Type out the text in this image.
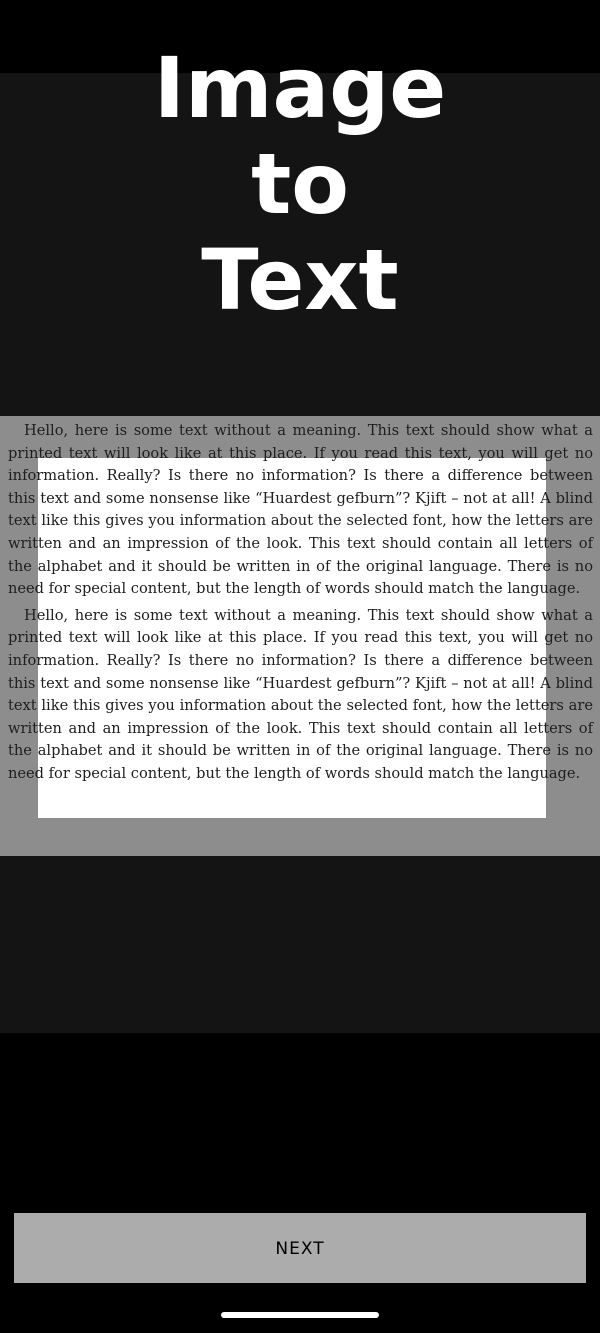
Image
to
Text

Hello, here is some text without a meaning. This text should show what a printed text will look like at this place. If you read this text, you will get no information. Really? Is there no information? Is there a difference between this text and some nonsense like “Huardest gefburn”? Kjift – not at all! A blind text like this gives you information about the selected font, how the letters are written and an impression of the look. This text should contain all letters of the alphabet and it should be written in of the original language. There is no need for special content, but the length of words should match the language.

Hello, here is some text without a meaning. This text should show what a printed text will look like at this place. If you read this text, you will get no information. Really? Is there no information? Is there a difference between this text and some nonsense like “Huardest gefburn”? Kjift – not at all! A blind text like this gives you information about the selected font, how the letters are written and an impression of the look. This text should contain all letters of the alphabet and it should be written in of the original language. There is no need for special content, but the length of words should match the language.

NEXT
